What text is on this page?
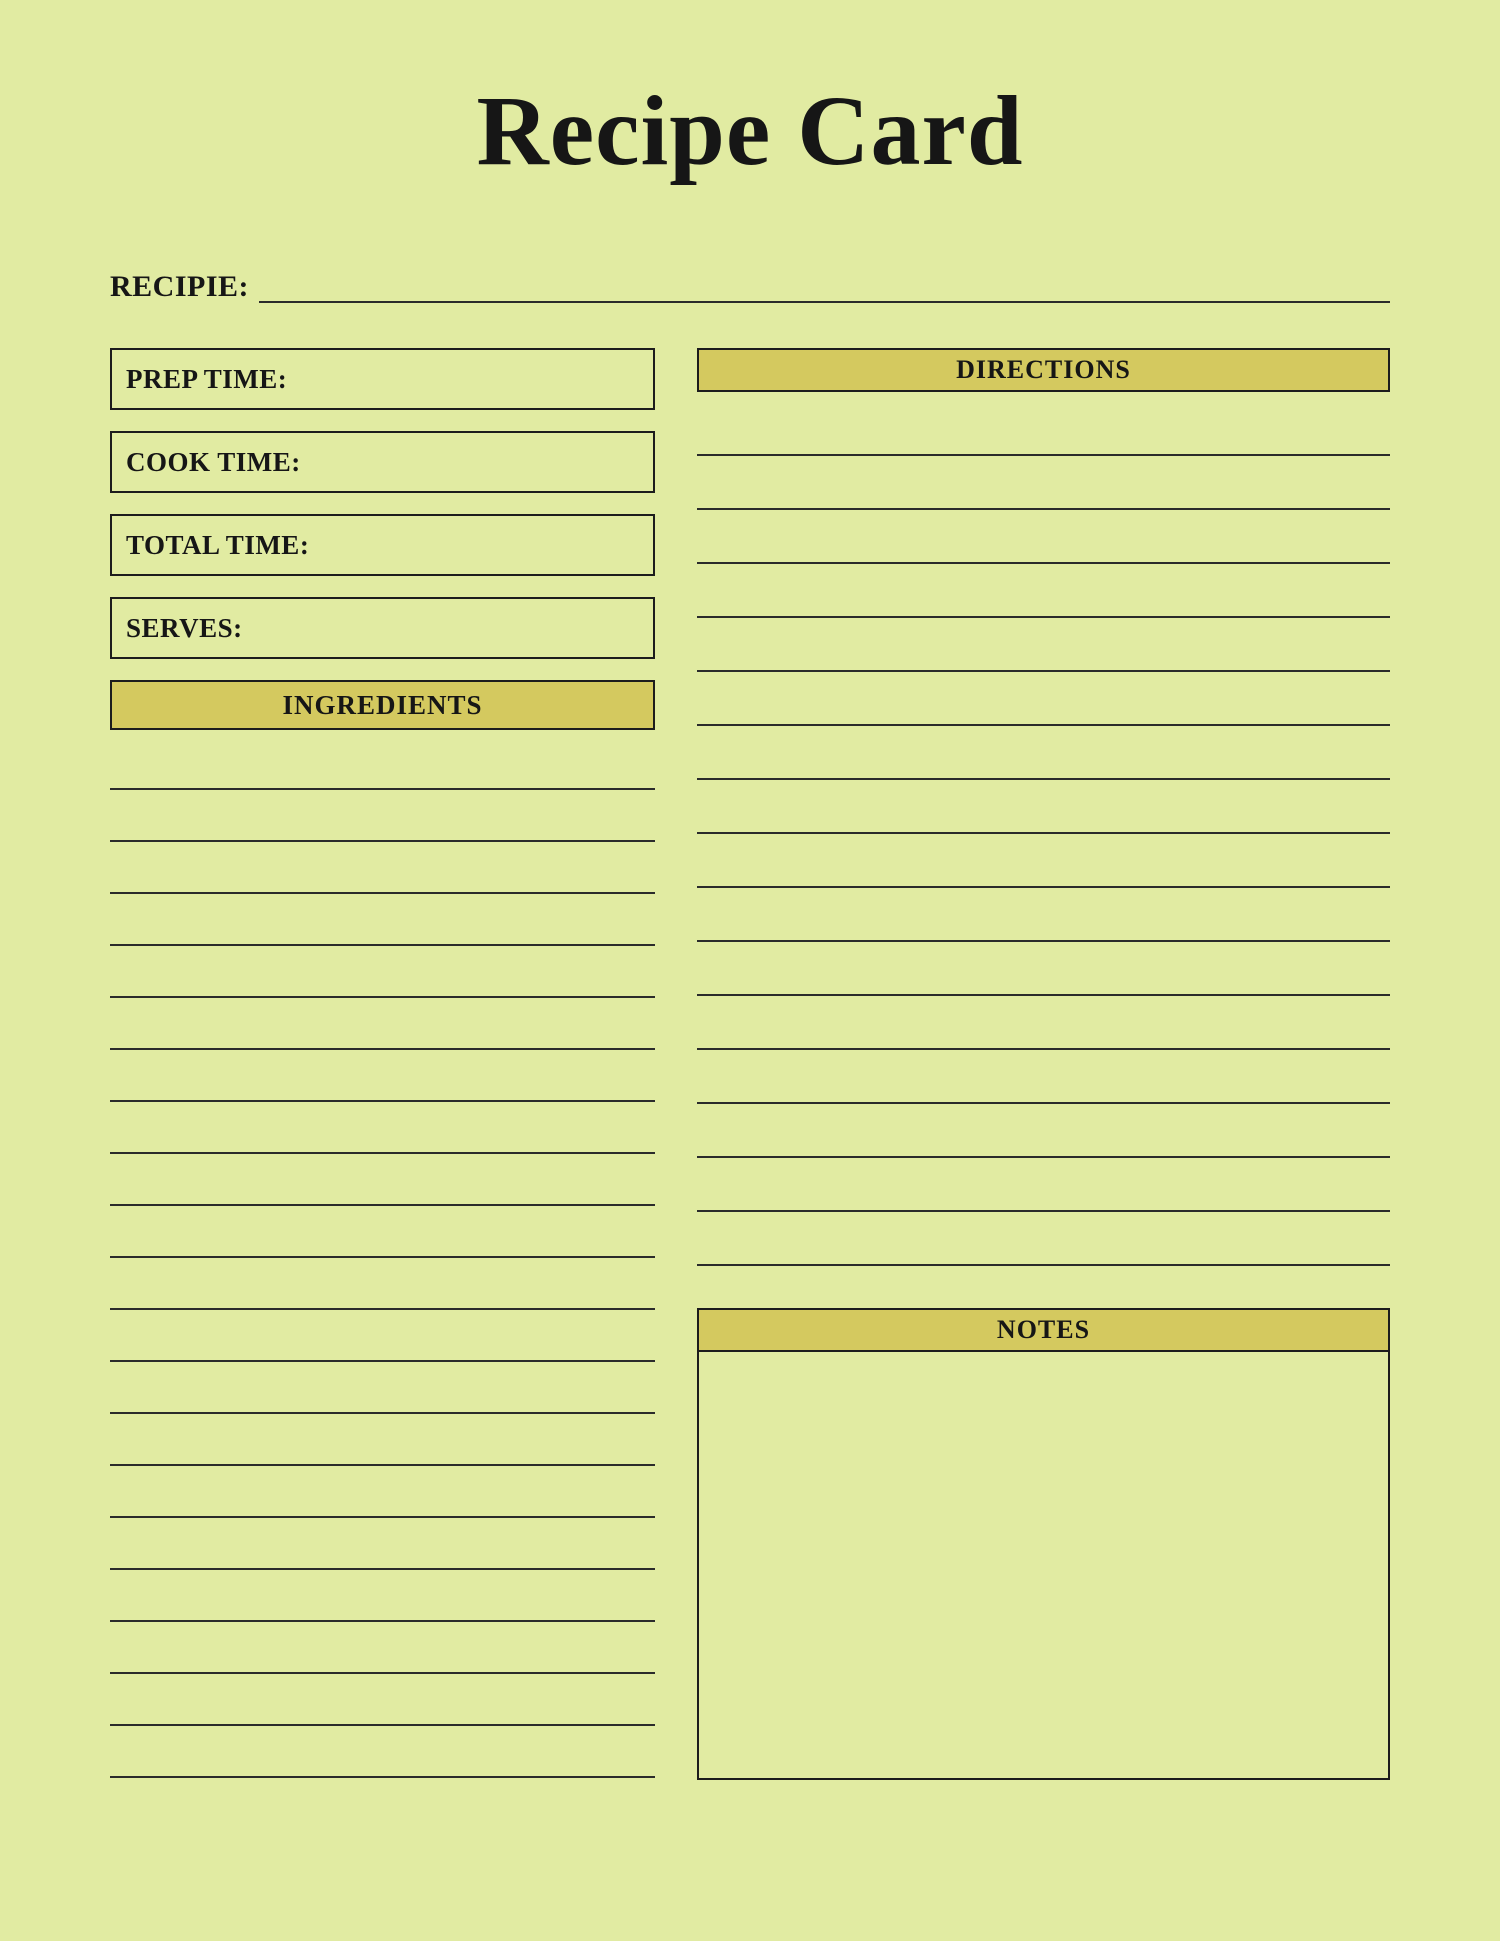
Recipe Card
RECIPIE:
PREP TIME:
COOK TIME:
TOTAL TIME:
SERVES:
INGREDIENTS
DIRECTIONS
NOTES
